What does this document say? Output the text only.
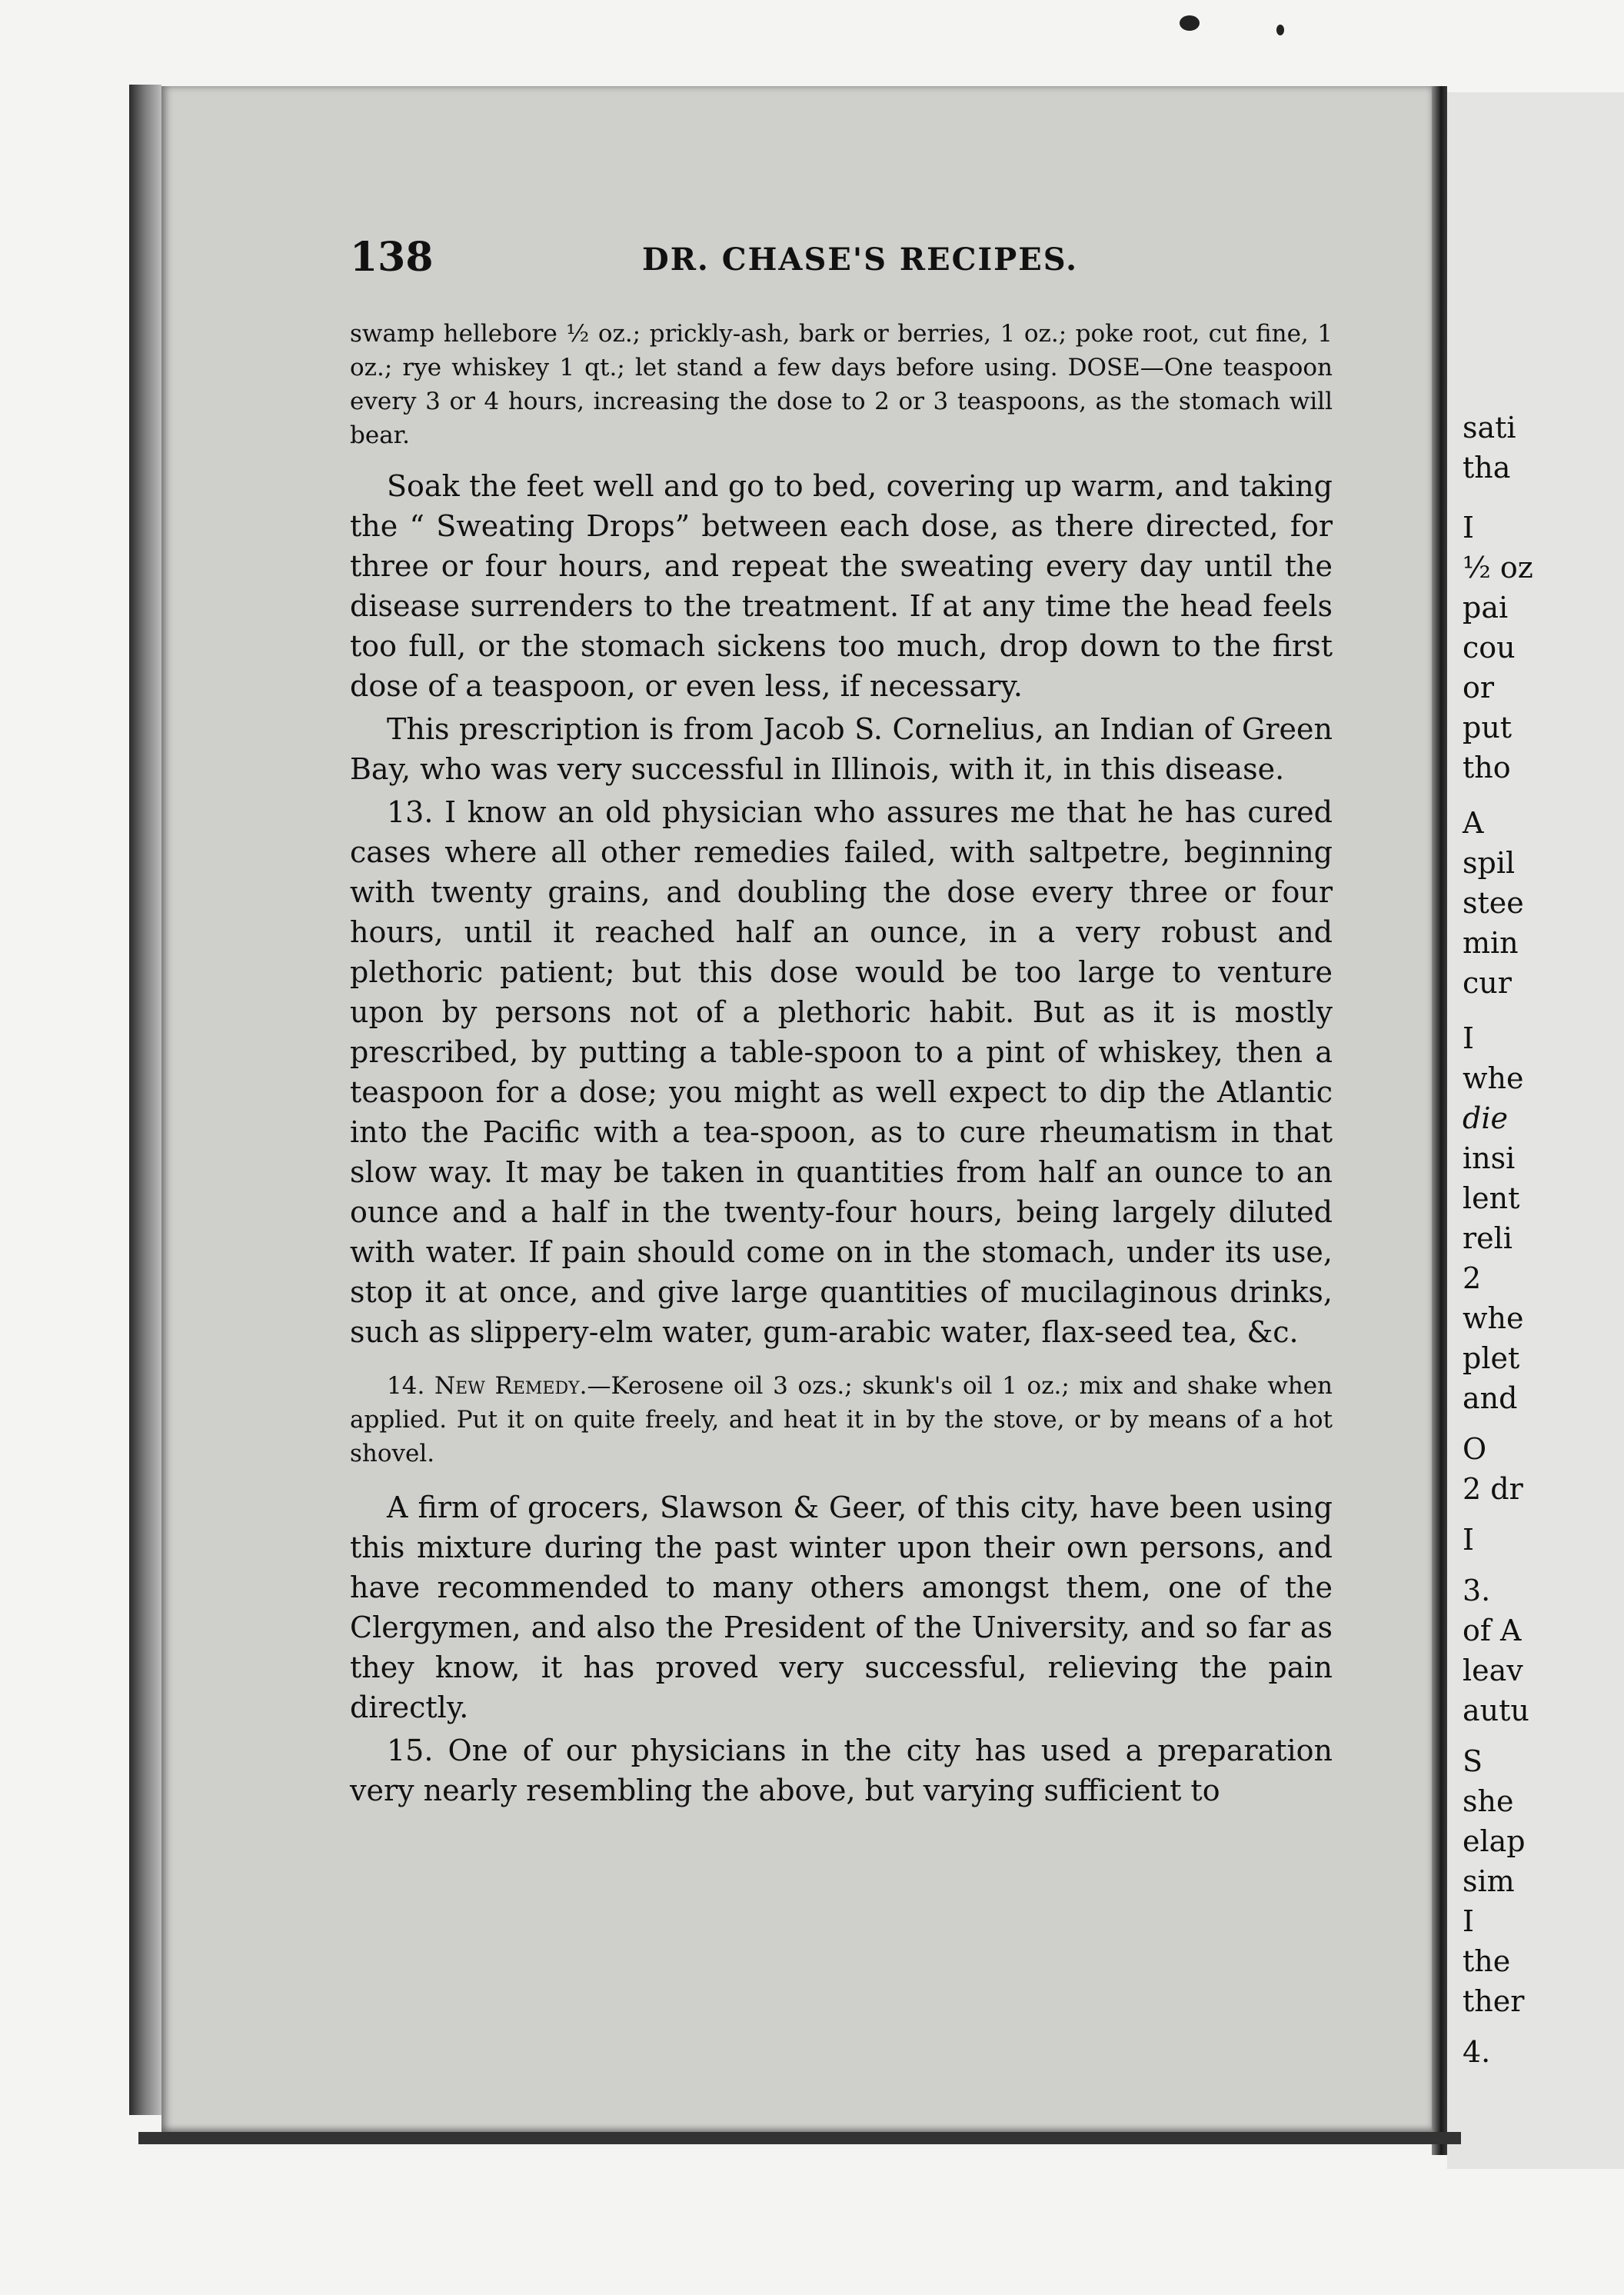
sati
tha
I
½ oz
pai
cou
or
put
tho
A
spil
stee
min
cur
I
whe
die
insi
lent
reli
2
whe
plet
and
O
2 dr
I
3.
of A
leav
autu
S
she
elap
sim
I
the
ther
4.
138	DR. CHASE'S RECIPES.

swamp hellebore ½ oz.; prickly-ash, bark or berries, 1 oz.; poke root, cut fine, 1 oz.; rye whiskey 1 qt.; let stand a few days before using. DOSE—One teaspoon every 3 or 4 hours, increasing the dose to 2 or 3 teaspoons, as the stomach will bear.

Soak the feet well and go to bed, covering up warm, and taking the “ Sweating Drops” between each dose, as there directed, for three or four hours, and repeat the sweating every day until the disease surrenders to the treatment. If at any time the head feels too full, or the stomach sickens too much, drop down to the first dose of a teaspoon, or even less, if necessary.

This prescription is from Jacob S. Cornelius, an Indian of Green Bay, who was very successful in Illinois, with it, in this disease.

13. I know an old physician who assures me that he has cured cases where all other remedies failed, with saltpetre, beginning with twenty grains, and doubling the dose every three or four hours, until it reached half an ounce, in a very robust and plethoric patient; but this dose would be too large to venture upon by persons not of a plethoric habit. But as it is mostly prescribed, by putting a table-spoon to a pint of whiskey, then a teaspoon for a dose; you might as well expect to dip the Atlantic into the Pacific with a tea-spoon, as to cure rheumatism in that slow way. It may be taken in quantities from half an ounce to an ounce and a half in the twenty-four hours, being largely diluted with water. If pain should come on in the stomach, under its use, stop it at once, and give large quantities of mucilaginous drinks, such as slippery-elm water, gum-arabic water, flax-seed tea, &c.

14. New Remedy.—Kerosene oil 3 ozs.; skunk's oil 1 oz.; mix and shake when applied. Put it on quite freely, and heat it in by the stove, or by means of a hot shovel.

A firm of grocers, Slawson & Geer, of this city, have been using this mixture during the past winter upon their own persons, and have recommended to many others amongst them, one of the Clergymen, and also the President of the University, and so far as they know, it has proved very successful, relieving the pain directly.

15. One of our physicians in the city has used a preparation very nearly resembling the above, but varying sufficient to
